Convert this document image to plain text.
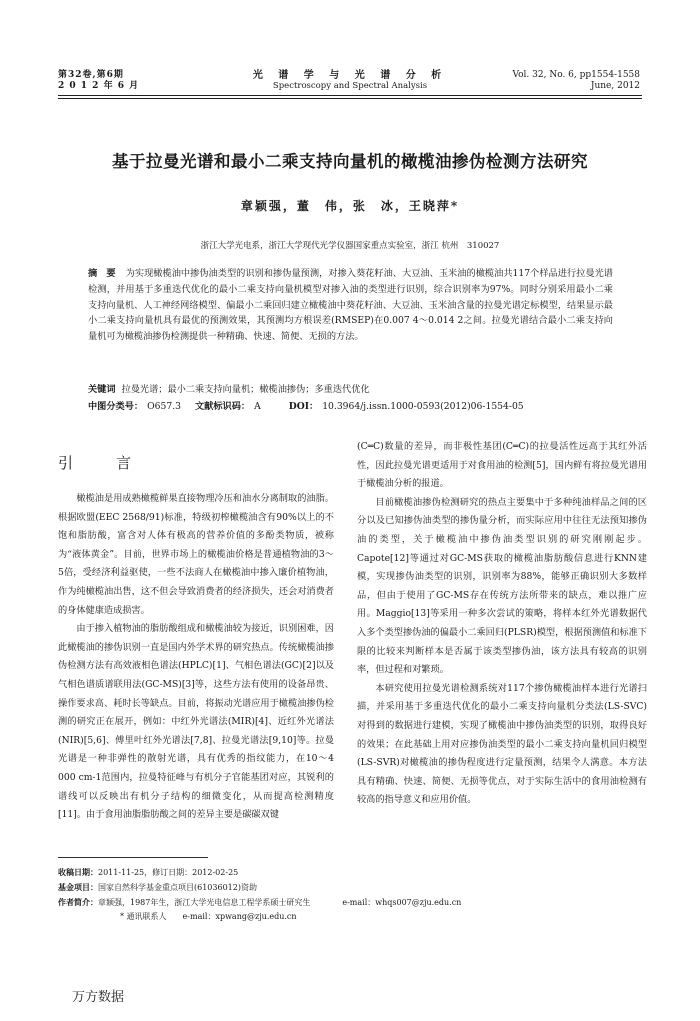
第32卷,第6期
2 0 1 2 年 6 月
光 谱 学 与 光 谱 分 析
Spectroscopy and Spectral Analysis
Vol. 32, No. 6, pp1554-1558
June, 2012
基于拉曼光谱和最小二乘支持向量机的橄榄油掺伪检测方法研究
章颖强，董　伟，张　冰，王晓萍*
浙江大学光电系，浙江大学现代光学仪器国家重点实验室，浙江 杭州　310027
摘　要 为实现橄榄油中掺伪油类型的识别和掺伪量预测，对掺入葵花籽油、大豆油、玉米油的橄榄油共117个样品进行拉曼光谱检测，并用基于多重迭代优化的最小二乘支持向量机模型对掺入油的类型进行识别，综合识别率为97%。同时分别采用最小二乘支持向量机、人工神经网络模型、偏最小二乘回归建立橄榄油中葵花籽油、大豆油、玉米油含量的拉曼光谱定标模型，结果显示最小二乘支持向量机具有最优的预测效果，其预测均方根误差(RMSEP)在0.007 4～0.014 2之间。拉曼光谱结合最小二乘支持向量机可为橄榄油掺伪检测提供一种精确、快速、简便、无损的方法。
关键词 拉曼光谱；最小二乘支持向量机；橄榄油掺伪；多重迭代优化
中图分类号： O657.3 文献标识码： A	DOI： 10.3964/j.issn.1000-0593(2012)06-1554-05
引　言

橄榄油是用成熟橄榄鲜果直接物理冷压和油水分离制取的油脂。根据欧盟(EEC 2568/91)标准，特级初榨橄榄油含有90%以上的不饱和脂肪酸，富含对人体有极高的营养价值的多酚类物质，被称为“液体黄金”。目前，世界市场上的橄榄油价格是普通植物油的3～5倍，受经济利益驱使，一些不法商人在橄榄油中掺入廉价植物油，作为纯橄榄油出售，这不但会导致消费者的经济损失，还会对消费者的身体健康造成损害。

由于掺入植物油的脂肪酸组成和橄榄油较为接近，识别困难，因此橄榄油的掺伪识别一直是国内外学术界的研究热点。传统橄榄油掺伪检测方法有高效液相色谱法(HPLC)[1]、气相色谱法(GC)[2]以及气相色谱质谱联用法(GC-MS)[3]等，这些方法有使用的设备昂贵、操作要求高、耗时长等缺点。目前，将振动光谱应用于橄榄油掺伪检测的研究正在展开，例如：中红外光谱法(MIR)[4]、近红外光谱法(NIR)[5,6]、傅里叶红外光谱法[7,8]、拉曼光谱法[9,10]等。拉曼光谱是一种非弹性的散射光谱，具有优秀的指纹能力，在10～4 000 cm-1范围内，拉曼特征峰与有机分子官能基团对应，其锐利的谱线可以反映出有机分子结构的细微变化，从而提高检测精度[11]。由于食用油脂脂肪酸之间的差异主要是碳碳双键

(C═C)数量的差异，而非极性基团(C═C)的拉曼活性远高于其红外活性，因此拉曼光谱更适用于对食用油的检测[5]，国内鲜有将拉曼光谱用于橄榄油分析的报道。

目前橄榄油掺伪检测研究的热点主要集中于多种纯油样品之间的区分以及已知掺伪油类型的掺伪量分析，而实际应用中往往无法预知掺伪油的类型，关于橄榄油中掺伪油类型识别的研究刚刚起步。Capote[12]等通过对GC-MS获取的橄榄油脂肪酸信息进行KNN建模，实现掺伪油类型的识别，识别率为88%，能够正确识别大多数样品，但由于使用了GC-MS存在传统方法所带来的缺点，难以推广应用。Maggio[13]等采用一种多次尝试的策略，将样本红外光谱数据代入多个类型掺伪油的偏最小二乘回归(PLSR)模型，根据预测值和标准下限的比较来判断样本是否属于该类型掺伪油，该方法具有较高的识别率，但过程和对繁琐。

本研究使用拉曼光谱检测系统对117个掺伪橄榄油样本进行光谱扫描，并采用基于多重迭代优化的最小二乘支持向量机分类法(LS-SVC)对得到的数据进行建模，实现了橄榄油中掺伪油类型的识别，取得良好的效果；在此基础上用对应掺伪油类型的最小二乘支持向量机回归模型(LS-SVR)对橄榄油的掺伪程度进行定量预测，结果令人满意。本方法具有精确、快速、简便、无损等优点，对于实际生活中的食用油检测有较高的指导意义和应用价值。

收稿日期：2011-11-25，修订日期：2012-02-25
基金项目：国家自然科学基金重点项目(61036012)资助
作者简介：章颖强，1987年生，浙江大学光电信息工程学系硕士研究生	e-mail：whqs007@zju.edu.cn
* 通讯联系人　　e-mail：xpwang@zju.edu.cn
万方数据
